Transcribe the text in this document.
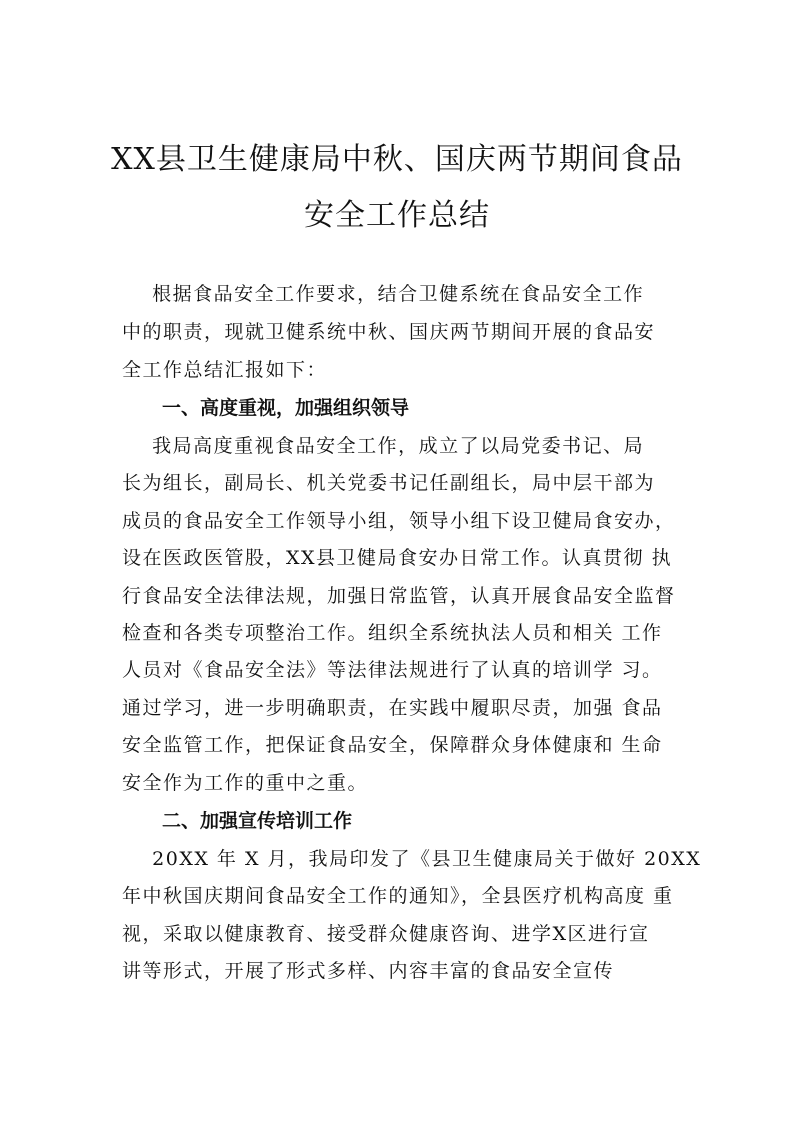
XX县卫生健康局中秋、国庆两节期间食品
安全工作总结
根据食品安全工作要求，结合卫健系统在食品安全工作
中的职责，现就卫健系统中秋、国庆两节期间开展的食品安
全工作总结汇报如下：
一、高度重视，加强组织领导
我局高度重视食品安全工作，成立了以局党委书记、局
长为组长，副局长、机关党委书记任副组长，局中层干部为
成员的食品安全工作领导小组，领导小组下设卫健局食安办，
设在医政医管股，XX县卫健局食安办日常工作。认真贯彻 执
行食品安全法律法规，加强日常监管，认真开展食品安全监督
检查和各类专项整治工作。组织全系统执法人员和相关 工作
人员对《食品安全法》等法律法规进行了认真的培训学 习。
通过学习，进一步明确职责，在实践中履职尽责，加强 食品
安全监管工作，把保证食品安全，保障群众身体健康和 生命
安全作为工作的重中之重。
二、加强宣传培训工作
20XX 年 X 月，我局印发了《县卫生健康局关于做好 20XX
年中秋国庆期间食品安全工作的通知》，全县医疗机构高度 重
视，采取以健康教育、接受群众健康咨询、进学X区进行宣
讲等形式，开展了形式多样、内容丰富的食品安全宣传
